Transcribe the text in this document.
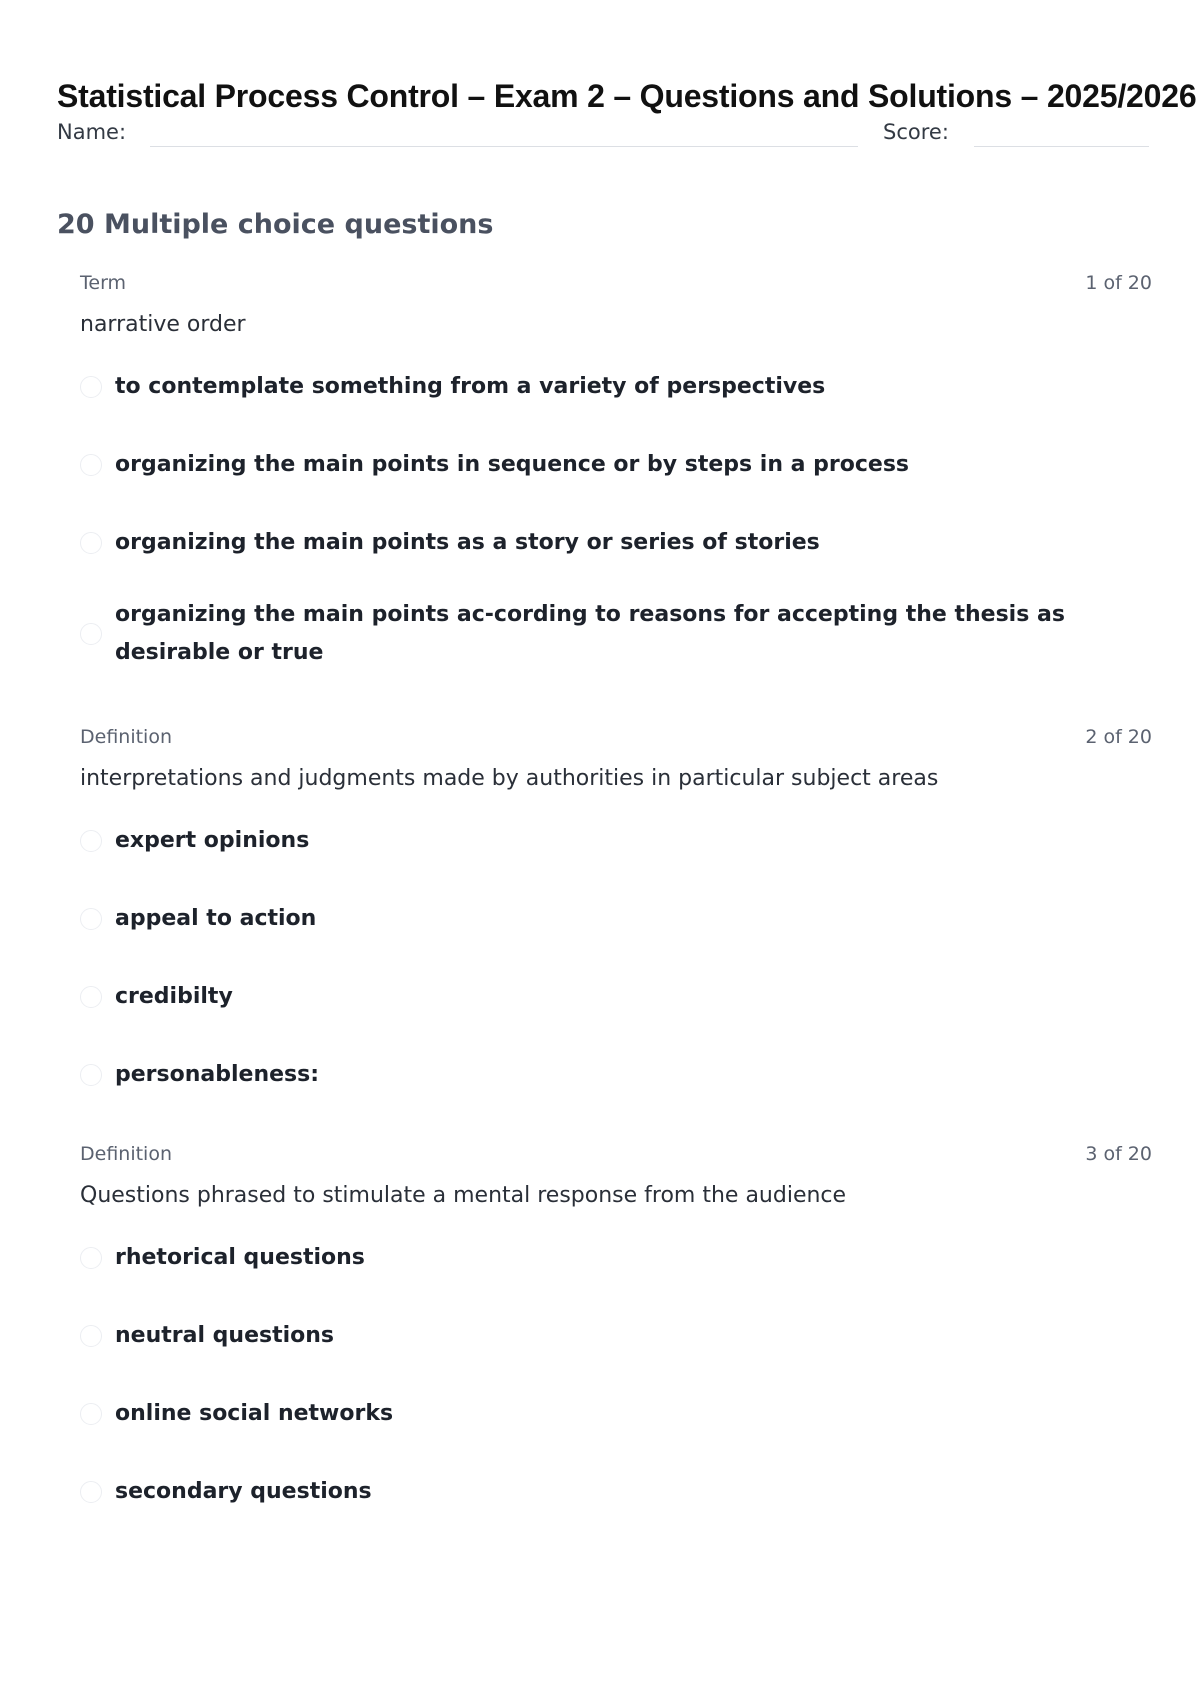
Statistical Process Control – Exam 2 – Questions and Solutions – 2025/2026
Name:	Score:
20 Multiple choice questions
Term	1 of 20
narrative order
to contemplate something from a variety of perspectives
organizing the main points in sequence or by steps in a process
organizing the main points as a story or series of stories
organizing the main points ac-cording to reasons for accepting the thesis as desirable or true
Definition	2 of 20
interpretations and judgments made by authorities in particular subject areas
expert opinions
appeal to action
credibilty
personableness:
Definition	3 of 20
Questions phrased to stimulate a mental response from the audience
rhetorical questions
neutral questions
online social networks
secondary questions
